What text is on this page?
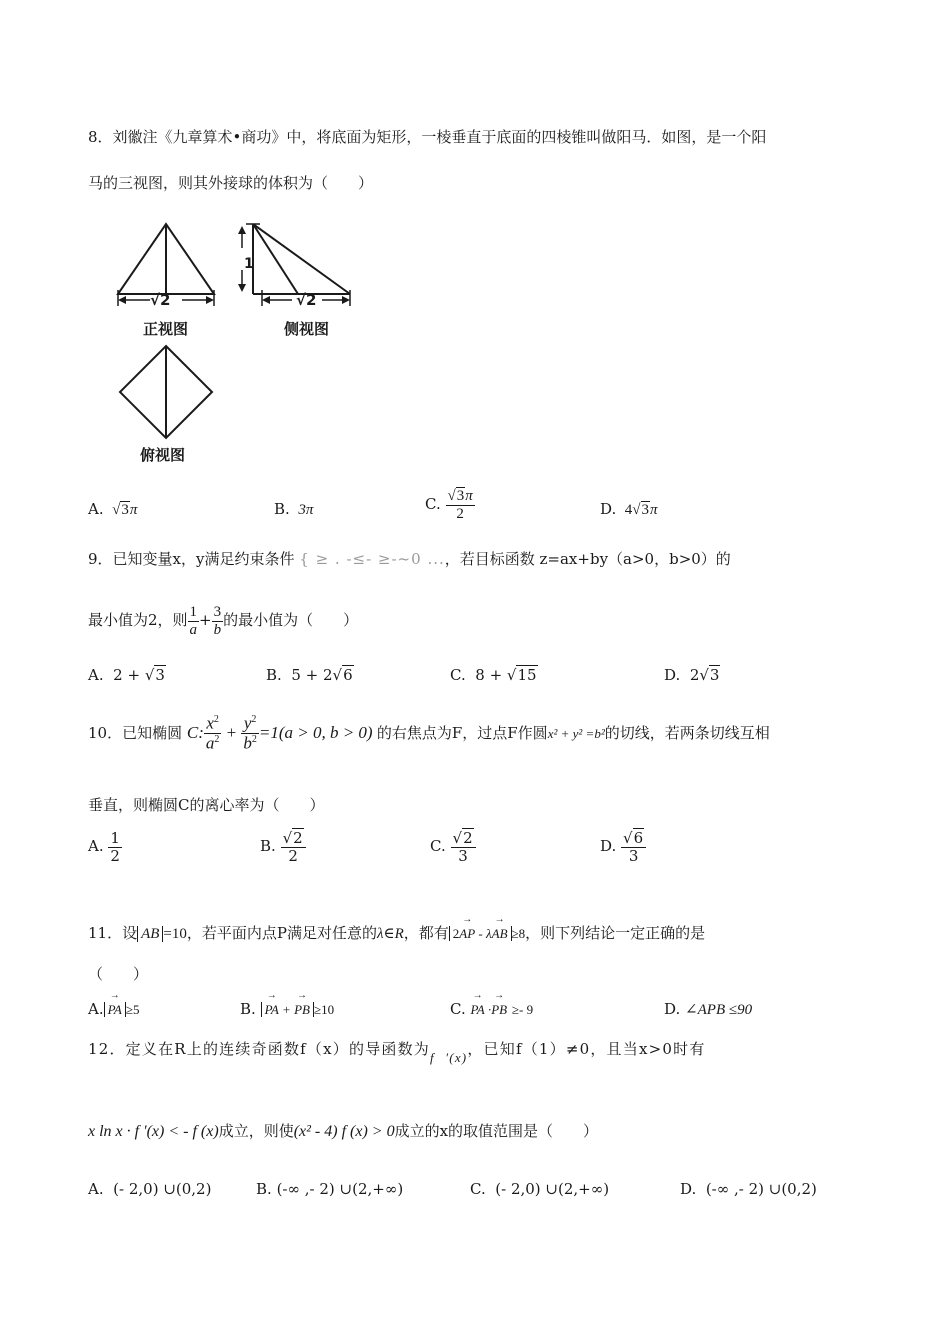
8．刘徽注《九章算术•商功》中，将底面为矩形，一棱垂直于底面的四棱锥叫做阳马．如图，是一个阳
马的三视图，则其外接球的体积为（　　）
√2	√2
1
正视图	侧视图
俯视图
A.  √3π	B. 3π	C. $\frac{√3\pi}{2}$	D. 4√3π
9．已知变量x，y满足约束条件 { ≥ . -≤- ≥-~0 ...，若目标函数 z=ax+by（a>0，b>0）的
最小值为2，则 $\frac{1}{a} + \frac{3}{b}$ 的最小值为（　　）
A. 2 + √3	B. 5 + 2√6	C. 8 + √15	D. 2√3
10．已知椭圆 C: $\frac{x^2}{a^2} + \frac{y^2}{b^2} =1(a > 0$, b > 0) 的右焦点为F，过点F作圆x² + y² =b²的切线，若两条切线互相
垂直，则椭圆C的离心率为（　　）
A. $\frac{1}{2}$	B. $\frac{√2}{2}$	C. $\frac{√2}{3}$	D. $\frac{√6}{3}$
11．设 AB =10，若平面内点P满足对任意的λ∈R，都有 2→ AP - λ→ AB ≥8，则下列结论一定正确的是
（　　）
A. → PA ≥5	B. → PA + → PB ≥10	C. → PA ·→ PB ≥- 9	D. ∠APB ≤90
12．定义在R上的连续奇函数f（x）的导函数为f ′(x)，已知f（1）≠0，且当x>0时有
x ln x · f ′(x) < - f (x)成立，则使(x² - 4) f (x) > 0成立的x的取值范围是（　　）
A. (- 2,0) ∪(0,2)	B. (-∞ ,- 2) ∪(2,+∞)	C. (- 2,0) ∪(2,+∞)	D. (-∞ ,- 2) ∪(0,2)
